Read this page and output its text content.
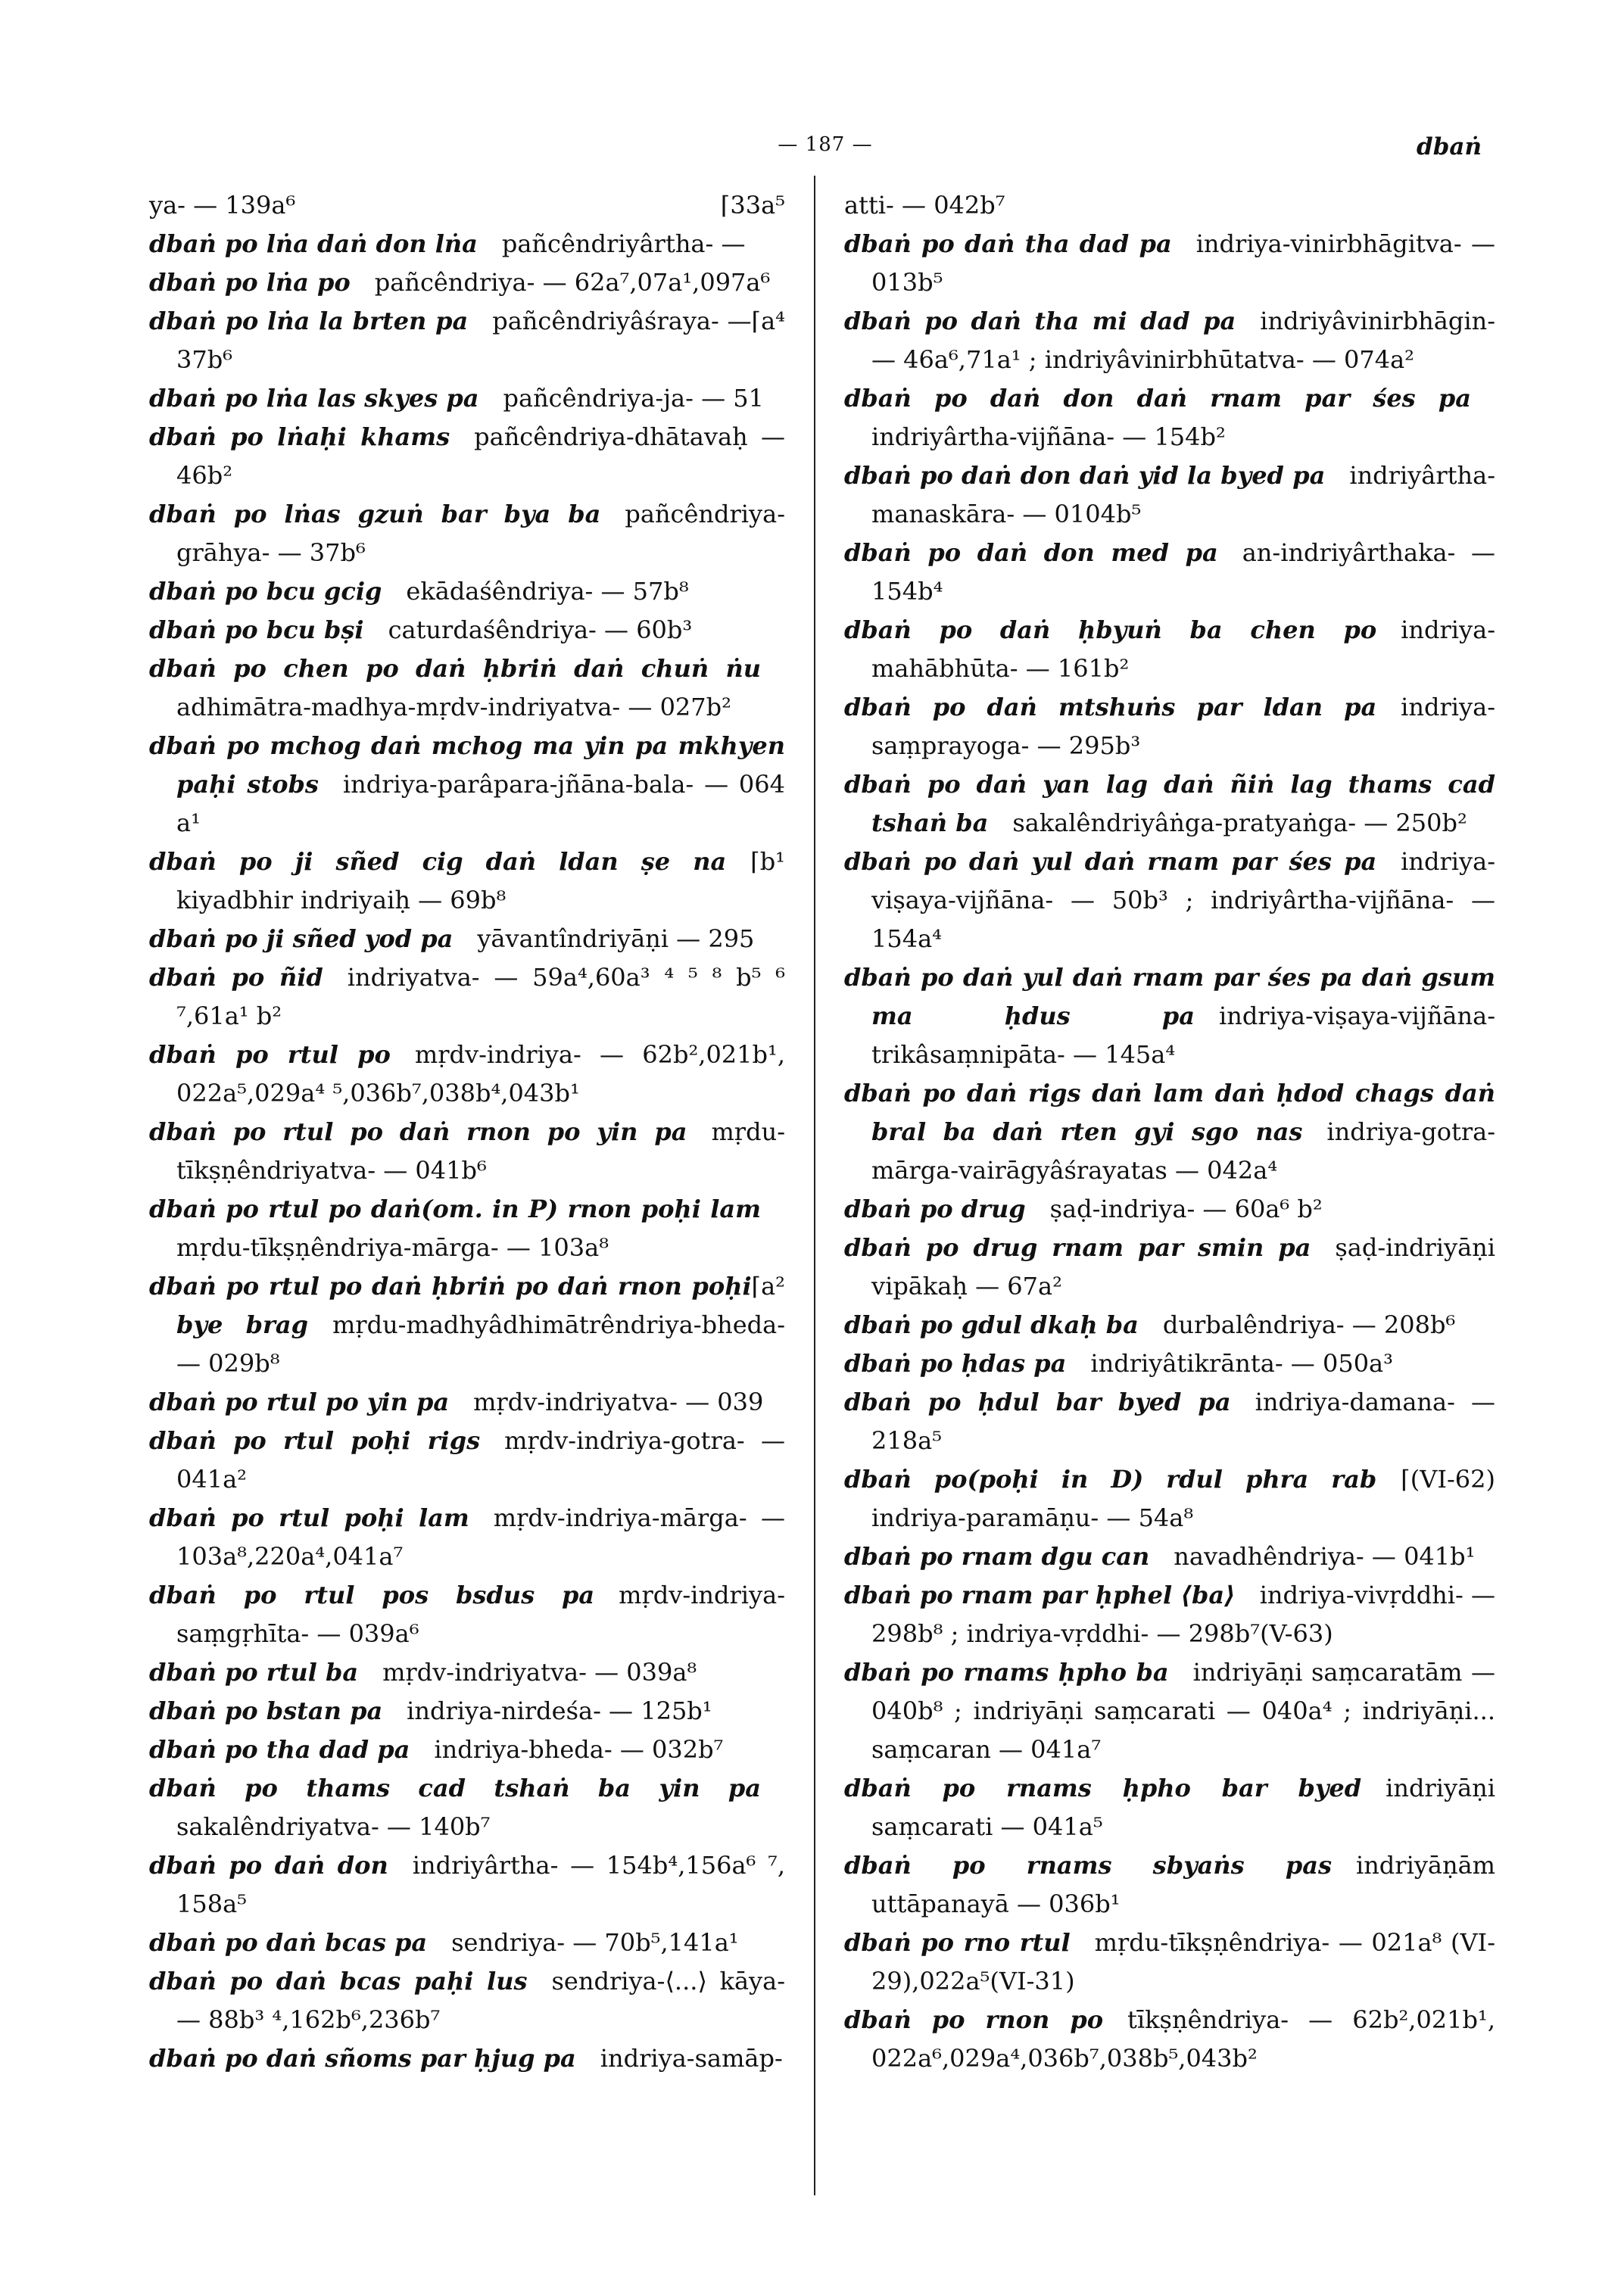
— 187 —	dbaṅ
⌈33a⁵
ya- — 139a⁶
dbaṅ po lṅa daṅ don lṅa  pañcêndriyârtha- —
dbaṅ po lṅa po  pañcêndriya- — 62a⁷,07a¹,097a⁶
⌈a⁴
dbaṅ po lṅa la brten pa  pañcêndriyâśraya- — 37b⁶
dbaṅ po lṅa las skyes pa  pañcêndriya-ja- — 51
dbaṅ po lṅaḥi khams  pañcêndriya-dhātavaḥ — 46b²
dbaṅ po lṅas gzuṅ bar bya ba  pañcêndriya-grāhya- — 37b⁶
dbaṅ po bcu gcig  ekādaśêndriya- — 57b⁸
dbaṅ po bcu bṣi  caturdaśêndriya- — 60b³
dbaṅ po chen po daṅ ḥbriṅ daṅ chuṅ ṅu adhimātra-madhya-mṛdv-indriyatva- — 027b²
dbaṅ po mchog daṅ mchog ma yin pa mkhyen paḥi stobs  indriya-parâpara-jñāna-bala- — 064 a¹
⌈b¹
dbaṅ po ji sñed cig daṅ ldan ṣe na kiyadbhir indriyaiḥ — 69b⁸
dbaṅ po ji sñed yod pa  yāvantîndriyāṇi — 295
dbaṅ po ñid  indriyatva- — 59a⁴,60a³ ⁴ ⁵ ⁸ b⁵ ⁶ ⁷,61a¹ b²
dbaṅ po rtul po  mṛdv-indriya- — 62b²,021b¹, 022a⁵,029a⁴ ⁵,036b⁷,038b⁴,043b¹
dbaṅ po rtul po daṅ rnon po yin pa  mṛdu-tīkṣṇêndriyatva- — 041b⁶
dbaṅ po rtul po daṅ(om. in P) rnon poḥi lam mṛdu-tīkṣṇêndriya-mārga- — 103a⁸
⌈a²
dbaṅ po rtul po daṅ ḥbriṅ po daṅ rnon poḥi bye brag  mṛdu-madhyâdhimātrêndriya-bheda- — 029b⁸
dbaṅ po rtul po yin pa  mṛdv-indriyatva- — 039
dbaṅ po rtul poḥi rigs  mṛdv-indriya-gotra- — 041a²
dbaṅ po rtul poḥi lam  mṛdv-indriya-mārga- — 103a⁸,220a⁴,041a⁷
dbaṅ po rtul pos bsdus pa  mṛdv-indriya-saṃgṛhīta- — 039a⁶
dbaṅ po rtul ba  mṛdv-indriyatva- — 039a⁸
dbaṅ po bstan pa  indriya-nirdeśa- — 125b¹
dbaṅ po tha dad pa  indriya-bheda- — 032b⁷
dbaṅ po thams cad tshaṅ ba yin pa sakalêndriyatva- — 140b⁷
dbaṅ po daṅ don  indriyârtha- — 154b⁴,156a⁶ ⁷, 158a⁵
dbaṅ po daṅ bcas pa  sendriya- — 70b⁵,141a¹
dbaṅ po daṅ bcas paḥi lus  sendriya-⟨...⟩ kāya- — 88b³ ⁴,162b⁶,236b⁷
dbaṅ po daṅ sñoms par ḥjug pa  indriya-samāp-
atti- — 042b⁷
dbaṅ po daṅ tha dad pa  indriya-vinirbhāgitva- — 013b⁵
dbaṅ po daṅ tha mi dad pa  indriyâvinirbhāgin- — 46a⁶,71a¹ ; indriyâvinirbhūtatva- — 074a²
dbaṅ po daṅ don daṅ rnam par śes pa indriyârtha-vijñāna- — 154b²
dbaṅ po daṅ don daṅ yid la byed pa  indriyârtha-manaskāra- — 0104b⁵
dbaṅ po daṅ don med pa  an-indriyârthaka- — 154b⁴
dbaṅ po daṅ ḥbyuṅ ba chen po  indriya-mahābhūta- — 161b²
dbaṅ po daṅ mtshuṅs par ldan pa  indriya-saṃprayoga- — 295b³
dbaṅ po daṅ yan lag daṅ ñiṅ lag thams cad tshaṅ ba  sakalêndriyâṅga-pratyaṅga- — 250b²
dbaṅ po daṅ yul daṅ rnam par śes pa  indriya-viṣaya-vijñāna- — 50b³ ; indriyârtha-vijñāna- — 154a⁴
dbaṅ po daṅ yul daṅ rnam par śes pa daṅ gsum ma ḥdus pa  indriya-viṣaya-vijñāna-trikâsaṃnipāta- — 145a⁴
dbaṅ po daṅ rigs daṅ lam daṅ ḥdod chags daṅ bral ba daṅ rten gyi sgo nas  indriya-gotra-mārga-vairāgyâśrayatas — 042a⁴
dbaṅ po drug  ṣaḍ-indriya- — 60a⁶ b²
dbaṅ po drug rnam par smin pa  ṣaḍ-indriyāṇi vipākaḥ — 67a²
dbaṅ po gdul dkaḥ ba  durbalêndriya- — 208b⁶
dbaṅ po ḥdas pa  indriyâtikrānta- — 050a³
dbaṅ po ḥdul bar byed pa  indriya-damana- — 218a⁵
⌈(VI-62)
dbaṅ po(poḥi in D) rdul phra rab indriya-paramāṇu- — 54a⁸
dbaṅ po rnam dgu can  navadhêndriya- — 041b¹
dbaṅ po rnam par ḥphel ⟨ba⟩  indriya-vivṛddhi- — 298b⁸ ; indriya-vṛddhi- — 298b⁷(V-63)
dbaṅ po rnams ḥpho ba  indriyāṇi saṃcaratām — 040b⁸ ; indriyāṇi saṃcarati — 040a⁴ ; indriyāṇi... saṃcaran — 041a⁷
dbaṅ po rnams ḥpho bar byed  indriyāṇi saṃcarati — 041a⁵
dbaṅ po rnams sbyaṅs pas  indriyāṇām uttāpanayā — 036b¹
dbaṅ po rno rtul  mṛdu-tīkṣṇêndriya- — 021a⁸ (VI-29),022a⁵(VI-31)
dbaṅ po rnon po  tīkṣṇêndriya- — 62b²,021b¹, 022a⁶,029a⁴,036b⁷,038b⁵,043b²
